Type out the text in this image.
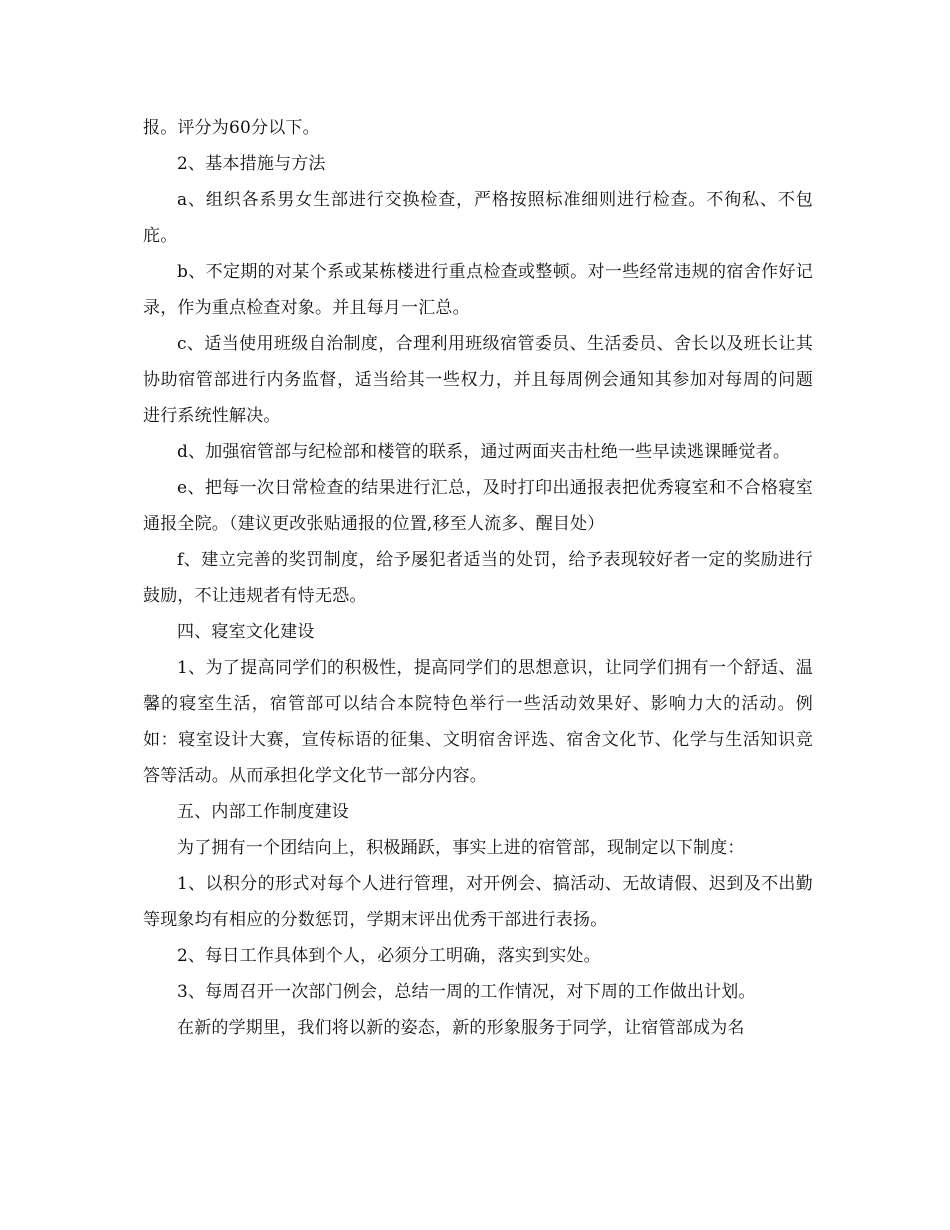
报。评分为60分以下。

2、基本措施与方法

a、组织各系男女生部进行交换检查，严格按照标准细则进行检查。不徇私、不包庇。

b、不定期的对某个系或某栋楼进行重点检查或整顿。对一些经常违规的宿舍作好记录，作为重点检查对象。并且每月一汇总。

c、适当使用班级自治制度，合理利用班级宿管委员、生活委员、舍长以及班长让其协助宿管部进行内务监督，适当给其一些权力，并且每周例会通知其参加对每周的问题进行系统性解决。

d、加强宿管部与纪检部和楼管的联系，通过两面夹击杜绝一些早读逃课睡觉者。

e、把每一次日常检查的结果进行汇总，及时打印出通报表把优秀寝室和不合格寝室通报全院。（建议更改张贴通报的位置,移至人流多、醒目处）

f、建立完善的奖罚制度，给予屡犯者适当的处罚，给予表现较好者一定的奖励进行鼓励，不让违规者有恃无恐。

四、寝室文化建设

1、为了提高同学们的积极性，提高同学们的思想意识，让同学们拥有一个舒适、温馨的寝室生活，宿管部可以结合本院特色举行一些活动效果好、影响力大的活动。例如：寝室设计大赛，宣传标语的征集、文明宿舍评选、宿舍文化节、化学与生活知识竞答等活动。从而承担化学文化节一部分内容。

五、内部工作制度建设

为了拥有一个团结向上，积极踊跃，事实上进的宿管部，现制定以下制度：

1、以积分的形式对每个人进行管理，对开例会、搞活动、无故请假、迟到及不出勤等现象均有相应的分数惩罚，学期末评出优秀干部进行表扬。

2、每日工作具体到个人，必须分工明确，落实到实处。

3、每周召开一次部门例会，总结一周的工作情况，对下周的工作做出计划。

在新的学期里，我们将以新的姿态，新的形象服务于同学，让宿管部成为名
